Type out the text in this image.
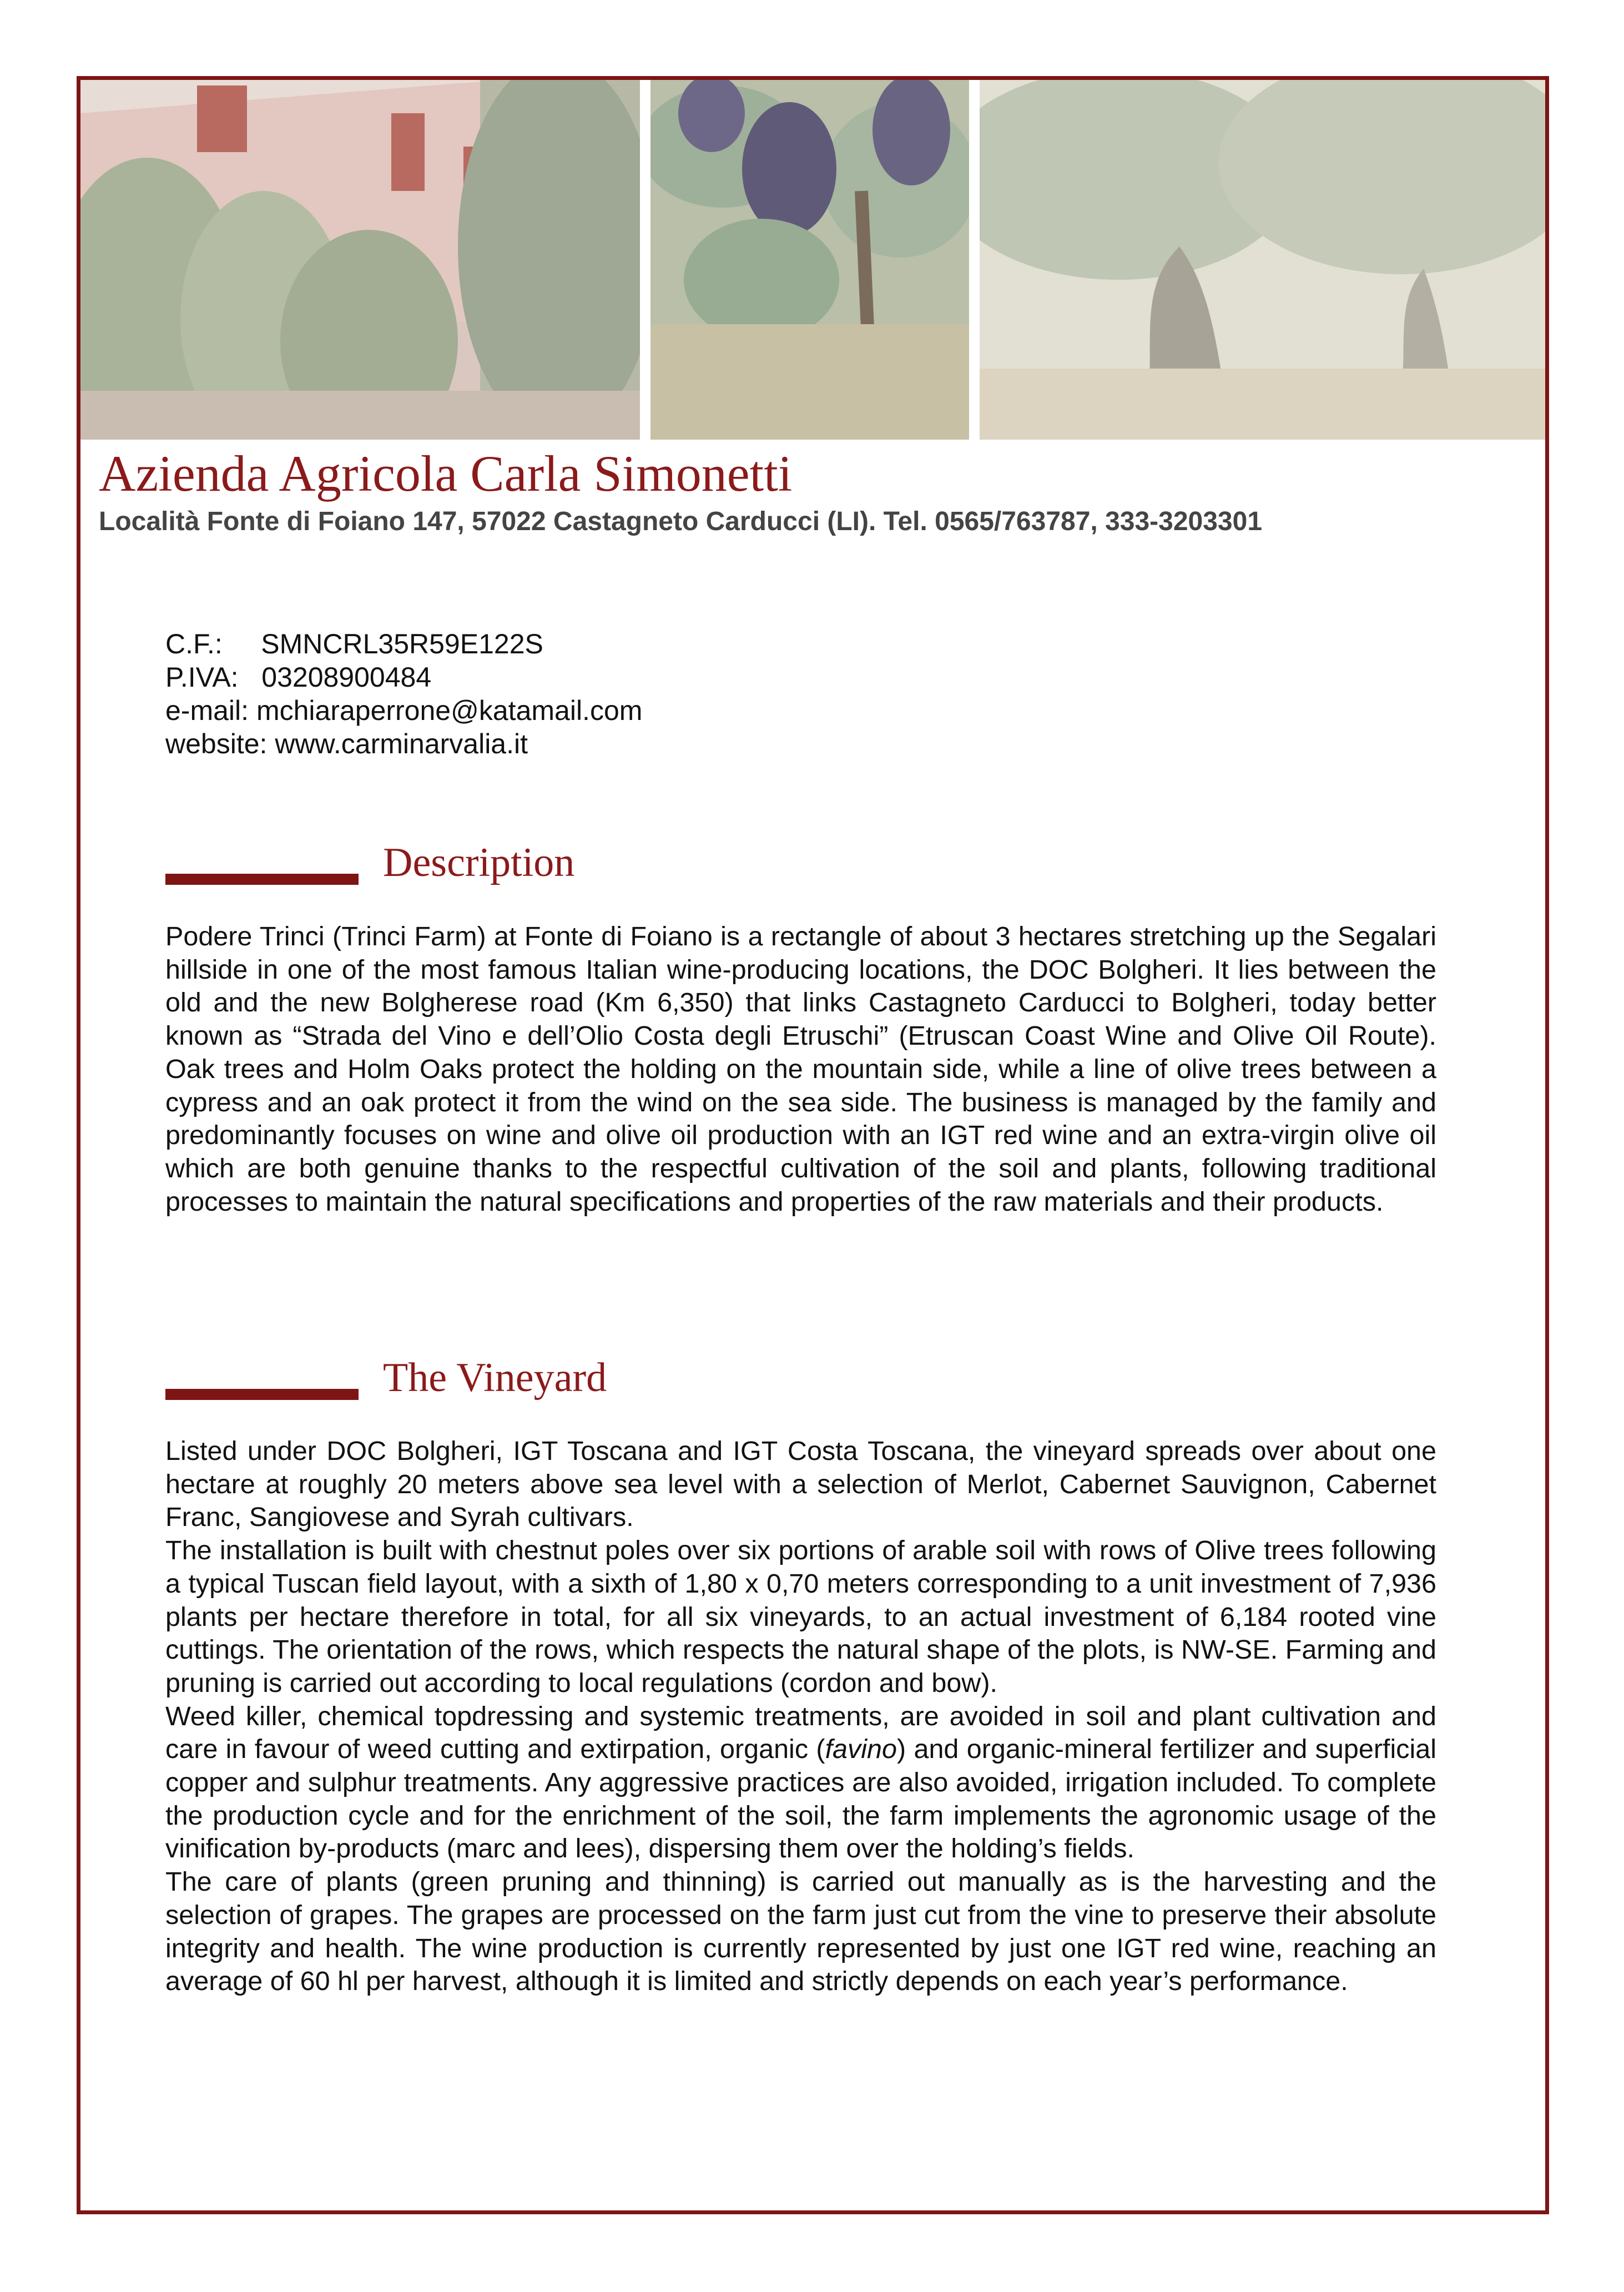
Azienda Agricola Carla Simonetti
Località Fonte di Foiano 147, 57022 Castagneto Carducci (LI). Tel. 0565/763787, 333-3203301
C.F.: SMNCRL35R59E122S
P.IVA: 03208900484
e-mail: mchiaraperrone@katamail.com
website: www.carminarvalia.it
Description

Podere Trinci (Trinci Farm) at Fonte di Foiano is a rectangle of about 3 hectares stretching up the Segalari hillside in one of the most famous Italian wine-producing locations, the DOC Bolgheri. It lies between the old and the new Bolgherese road (Km 6,350) that links Castagneto Carducci to Bolgheri, today better known as “Strada del Vino e dell’Olio Costa degli Etruschi” (Etruscan Coast Wine and Olive Oil Route). Oak trees and Holm Oaks protect the holding on the mountain side, while a line of olive trees between a cypress and an oak protect it from the wind on the sea side. The business is managed by the family and predominantly focuses on wine and olive oil production with an IGT red wine and an extra-virgin olive oil which are both genuine thanks to the respectful cultivation of the soil and plants, following traditional processes to maintain the natural specifications and properties of the raw materials and their products.

The Vineyard

Listed under DOC Bolgheri, IGT Toscana and IGT Costa Toscana, the vineyard spreads over about one hectare at roughly 20 meters above sea level with a selection of Merlot, Cabernet Sauvignon, Cabernet Franc, Sangiovese and Syrah cultivars.

The installation is built with chestnut poles over six portions of arable soil with rows of Olive trees following a typical Tuscan field layout, with a sixth of 1,80 x 0,70 meters corresponding to a unit investment of 7,936 plants per hectare therefore in total, for all six vineyards, to an actual investment of 6,184 rooted vine cuttings. The orientation of the rows, which respects the natural shape of the plots, is NW-SE. Farming and pruning is carried out according to local regulations (cordon and bow).

Weed killer, chemical topdressing and systemic treatments, are avoided in soil and plant cultivation and care in favour of weed cutting and extirpation, organic (favino) and organic-mineral fertilizer and superficial copper and sulphur treatments. Any aggressive practices are also avoided, irrigation included. To complete the production cycle and for the enrichment of the soil, the farm implements the agronomic usage of the vinification by-products (marc and lees), dispersing them over the holding’s fields.

The care of plants (green pruning and thinning) is carried out manually as is the harvesting and the selection of grapes. The grapes are processed on the farm just cut from the vine to preserve their absolute integrity and health. The wine production is currently represented by just one IGT red wine, reaching an average of 60 hl per harvest, although it is limited and strictly depends on each year’s performance.
